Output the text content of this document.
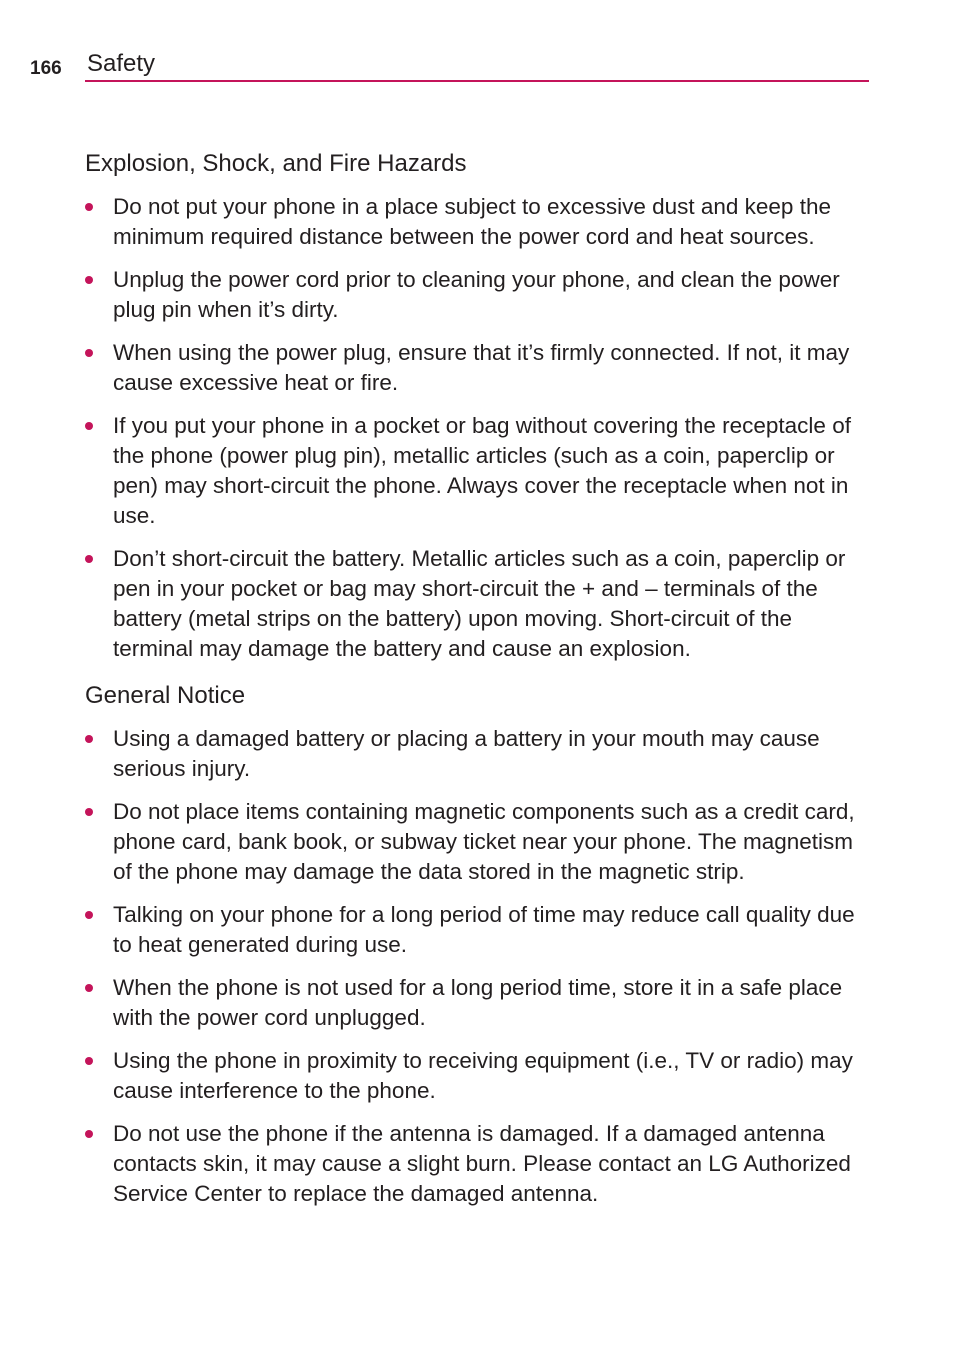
166 Safety
Explosion, Shock, and Fire Hazards
Do not put your phone in a place subject to excessive dust and keep the minimum required distance between the power cord and heat sources.
Unplug the power cord prior to cleaning your phone, and clean the power plug pin when it’s dirty.
When using the power plug, ensure that it’s firmly connected. If not, it may cause excessive heat or fire.
If you put your phone in a pocket or bag without covering the receptacle of the phone (power plug pin), metallic articles (such as a coin, paperclip or pen) may short-circuit the phone. Always cover the receptacle when not in use.
Don’t short-circuit the battery. Metallic articles such as a coin, paperclip or pen in your pocket or bag may short-circuit the + and – terminals of the battery (metal strips on the battery) upon moving. Short-circuit of the terminal may damage the battery and cause an explosion.
General Notice
Using a damaged battery or placing a battery in your mouth may cause serious injury.
Do not place items containing magnetic components such as a credit card, phone card, bank book, or subway ticket near your phone. The magnetism of the phone may damage the data stored in the magnetic strip.
Talking on your phone for a long period of time may reduce call quality due to heat generated during use.
When the phone is not used for a long period time, store it in a safe place with the power cord unplugged.
Using the phone in proximity to receiving equipment (i.e., TV or radio) may cause interference to the phone.
Do not use the phone if the antenna is damaged. If a damaged antenna contacts skin, it may cause a slight burn. Please contact an LG Authorized Service Center to replace the damaged antenna.
